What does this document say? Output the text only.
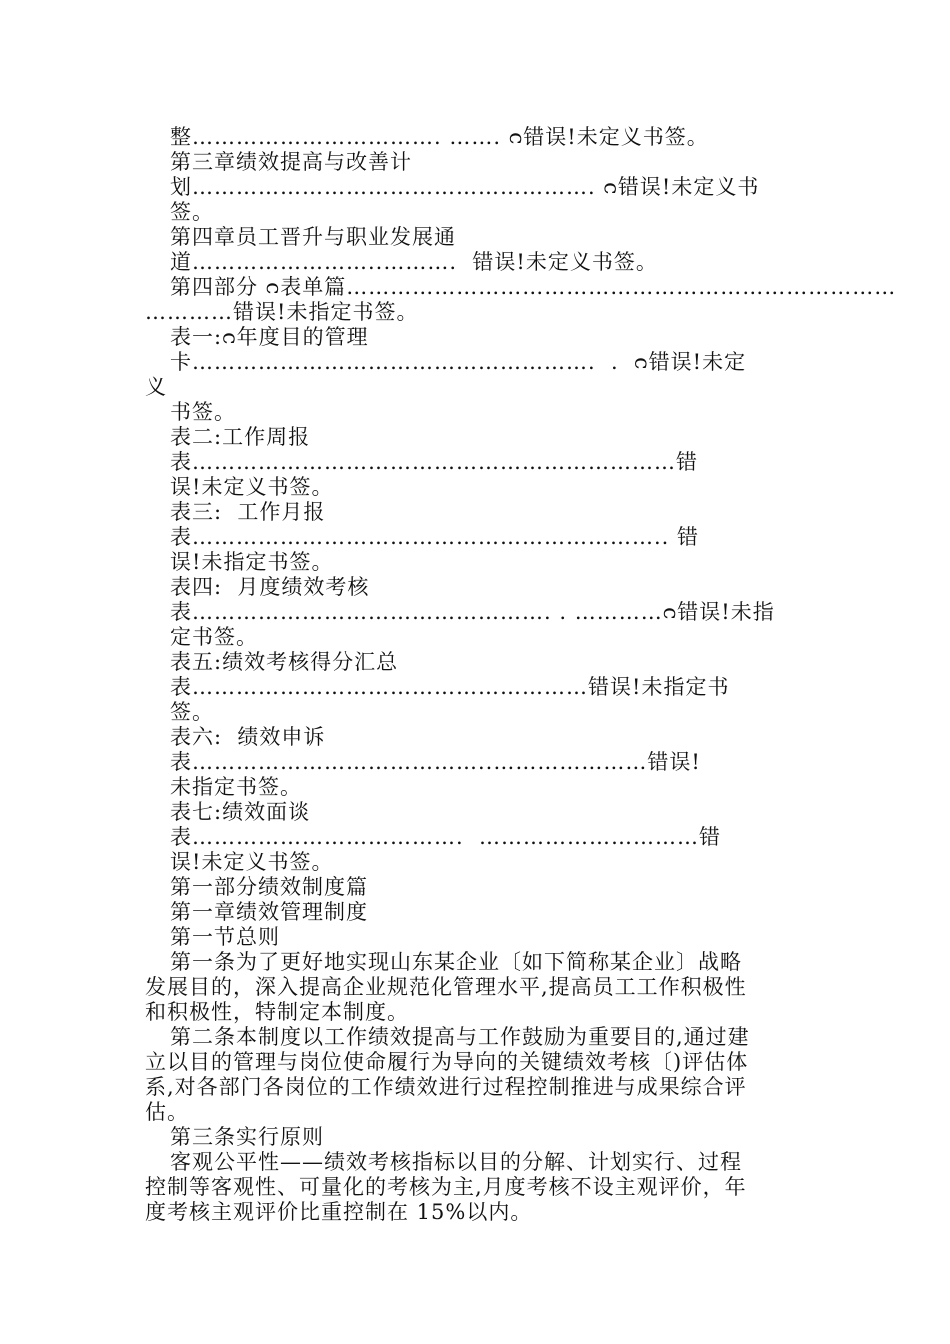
整……………………………. ……. ᴒ错误!未定义书签。
第三章绩效提高与改善计
划………………………………………………. ᴒ错误!未定义书
签。
第四章员工晋升与职业发展通
道……………………..……….  错误!未定义书签。
第四部分 ᴒ表单篇…………………………………………………………………
…………错误!未指定书签。
表一:ᴒ年度目的管理
卡……………………………………………….  .  ᴒ错误!未定
义
书签。
表二:工作周报
表…………………………………………………………错
误!未定义书签。
表三:  工作月报
表……………………………………………………….. 错
误!未指定书签。
表四:  月度绩效考核
表…………………………………………. . …………ᴒ错误!未指
定书签。
表五:绩效考核得分汇总
表………………………………………………错误!未指定书
签。
表六:  绩效申诉
表…………………………………..…………………错误!
未指定书签。
表七:绩效面谈
表……………………………….  …………………………错
误!未定义书签。
第一部分绩效制度篇
第一章绩效管理制度
第一节总则
第一条为了更好地实现山东某企业〔如下简称某企业〕战略
发展目的，深入提高企业规范化管理水平,提高员工工作积极性
和积极性，特制定本制度。
第二条本制度以工作绩效提高与工作鼓励为重要目的,通过建
立以目的管理与岗位使命履行为导向的关键绩效考核〔)评估体
系,对各部门各岗位的工作绩效进行过程控制推进与成果综合评
估。
第三条实行原则
客观公平性——绩效考核指标以目的分解、计划实行、过程
控制等客观性、可量化的考核为主,月度考核不设主观评价，年
度考核主观评价比重控制在 15%以内。
